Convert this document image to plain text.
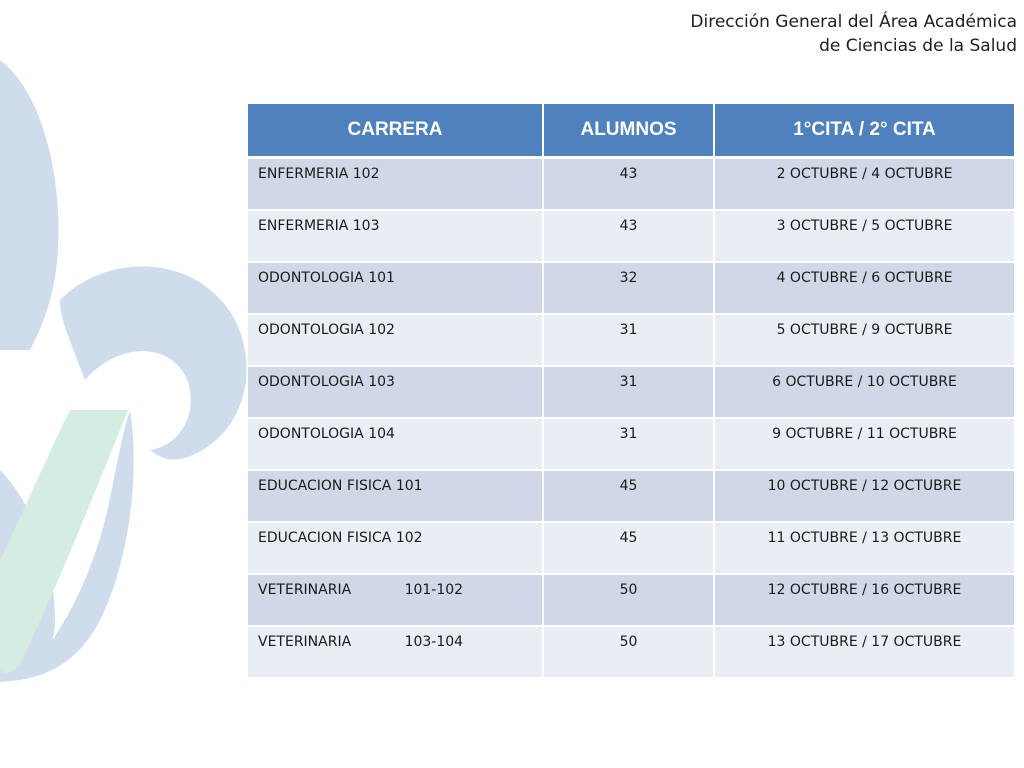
Dirección General del Área Académica
de Ciencias de la Salud
CARRERA	ALUMNOS	1°CITA / 2° CITA
ENFERMERIA 102	43	2 OCTUBRE / 4 OCTUBRE
ENFERMERIA 103	43	3 OCTUBRE / 5 OCTUBRE
ODONTOLOGIA 101	32	4 OCTUBRE / 6 OCTUBRE
ODONTOLOGIA 102	31	5 OCTUBRE / 9 OCTUBRE
ODONTOLOGIA 103	31	6 OCTUBRE / 10 OCTUBRE
ODONTOLOGIA 104	31	9 OCTUBRE / 11 OCTUBRE
EDUCACION FISICA 101	45	10 OCTUBRE / 12 OCTUBRE
EDUCACION FISICA 102	45	11 OCTUBRE / 13 OCTUBRE
VETERINARIA            101-102	50	12 OCTUBRE / 16 OCTUBRE
VETERINARIA            103-104	50	13 OCTUBRE / 17 OCTUBRE
